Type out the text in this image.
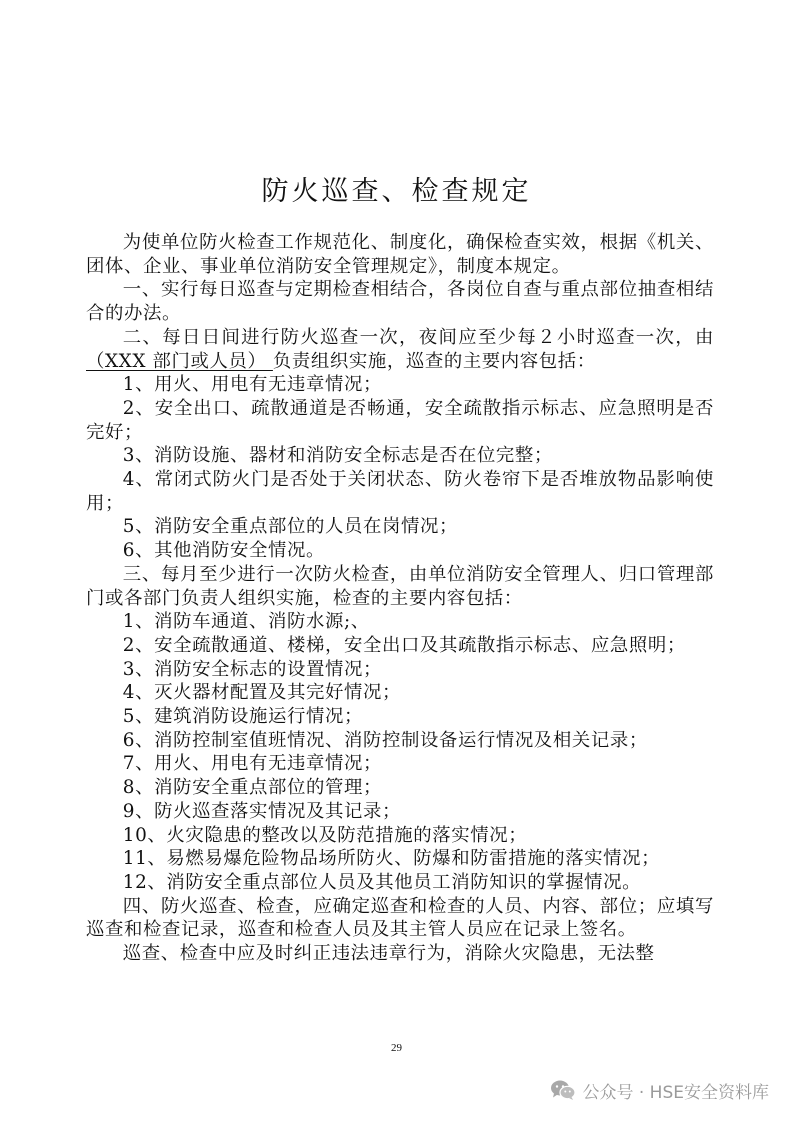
防火巡查、检查规定

为使单位防火检查工作规范化、制度化，确保检查实效，根据《机关、团体、企业、事业单位消防安全管理规定》，制度本规定。

一、实行每日巡查与定期检查相结合，各岗位自查与重点部位抽查相结合的办法。

二、每日日间进行防火巡查一次，夜间应至少每２小时巡查一次，由（XXX 部门或人员） 负责组织实施，巡查的主要内容包括：

1、用火、用电有无违章情况；

2、安全出口、疏散通道是否畅通，安全疏散指示标志、应急照明是否完好；

3、消防设施、器材和消防安全标志是否在位完整；

4、常闭式防火门是否处于关闭状态、防火卷帘下是否堆放物品影响使用；

5、消防安全重点部位的人员在岗情况；

6、其他消防安全情况。

三、每月至少进行一次防火检查，由单位消防安全管理人、归口管理部门或各部门负责人组织实施，检查的主要内容包括：

1、消防车通道、消防水源;、

2、安全疏散通道、楼梯，安全出口及其疏散指示标志、应急照明；

3、消防安全标志的设置情况；

4、灭火器材配置及其完好情况；

5、建筑消防设施运行情况；

6、消防控制室值班情况、消防控制设备运行情况及相关记录；

7、用火、用电有无违章情况；

8、消防安全重点部位的管理；

9、防火巡查落实情况及其记录；

10、火灾隐患的整改以及防范措施的落实情况；

11、易燃易爆危险物品场所防火、防爆和防雷措施的落实情况；

12、消防安全重点部位人员及其他员工消防知识的掌握情况。

四、防火巡查、检查，应确定巡查和检查的人员、内容、部位；应填写巡查和检查记录，巡查和检查人员及其主管人员应在记录上签名。

巡查、检查中应及时纠正违法违章行为，消除火灾隐患，无法整

29
公众号 · HSE安全资料库
